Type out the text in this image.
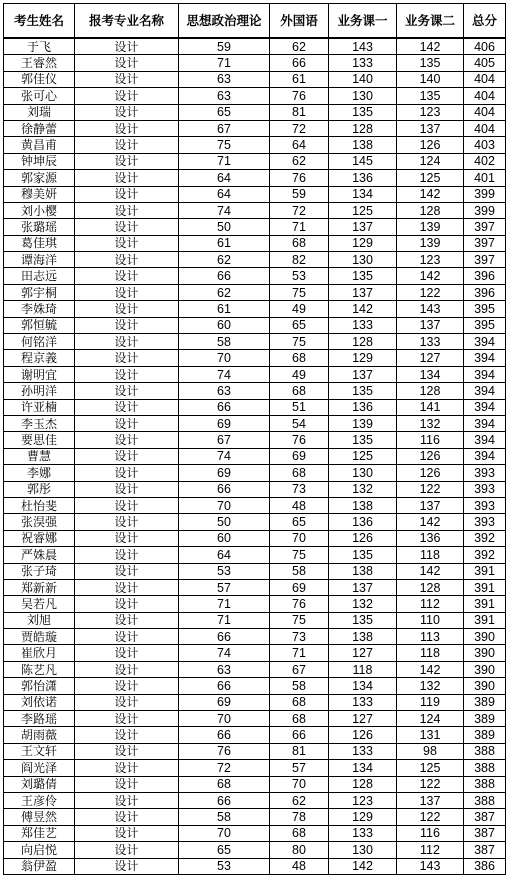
考生姓名	报考专业名称	思想政治理论	外国语	业务课一	业务课二	总分
于飞	设计	59	62	143	142	406
王睿然	设计	71	66	133	135	405
郭佳仪	设计	63	61	140	140	404
张可心	设计	63	76	130	135	404
刘瑞	设计	65	81	135	123	404
徐静蕾	设计	67	72	128	137	404
黄昌甫	设计	75	64	138	126	403
钟坤辰	设计	71	62	145	124	402
郭家源	设计	64	76	136	125	401
穆美妍	设计	64	59	134	142	399
刘小樱	设计	74	72	125	128	399
张璐瑶	设计	50	71	137	139	397
葛佳琪	设计	61	68	129	139	397
谭海洋	设计	62	82	130	123	397
田志远	设计	66	53	135	142	396
郭宇桐	设计	62	75	137	122	396
李姝琦	设计	61	49	142	143	395
郭恒毓	设计	60	65	133	137	395
何铭洋	设计	58	75	128	133	394
程京義	设计	70	68	129	127	394
谢明宜	设计	74	49	137	134	394
孙明洋	设计	63	68	135	128	394
许亚楠	设计	66	51	136	141	394
李玉杰	设计	69	54	139	132	394
要思佳	设计	67	76	135	116	394
曹慧	设计	74	69	125	126	394
李娜	设计	69	68	130	126	393
郭彤	设计	66	73	132	122	393
杜怡斐	设计	70	48	138	137	393
张淏强	设计	50	65	136	142	393
祝睿娜	设计	60	70	126	136	392
严姝晨	设计	64	75	135	118	392
张子琦	设计	53	58	138	142	391
郑新新	设计	57	69	137	128	391
吴若凡	设计	71	76	132	112	391
刘旭	设计	71	75	135	110	391
贾皓璇	设计	66	73	138	113	390
崔欣月	设计	74	71	127	118	390
陈艺凡	设计	63	67	118	142	390
郭怡潇	设计	66	58	134	132	390
刘依诺	设计	69	68	133	119	389
李路瑶	设计	70	68	127	124	389
胡雨薇	设计	66	66	126	131	389
王文轩	设计	76	81	133	98	388
阎光泽	设计	72	57	134	125	388
刘璐倩	设计	68	70	128	122	388
王彦伶	设计	66	62	123	137	388
傅昱然	设计	58	78	129	122	387
郑佳艺	设计	70	68	133	116	387
向启悦	设计	65	80	130	112	387
翁伊盈	设计	53	48	142	143	386
